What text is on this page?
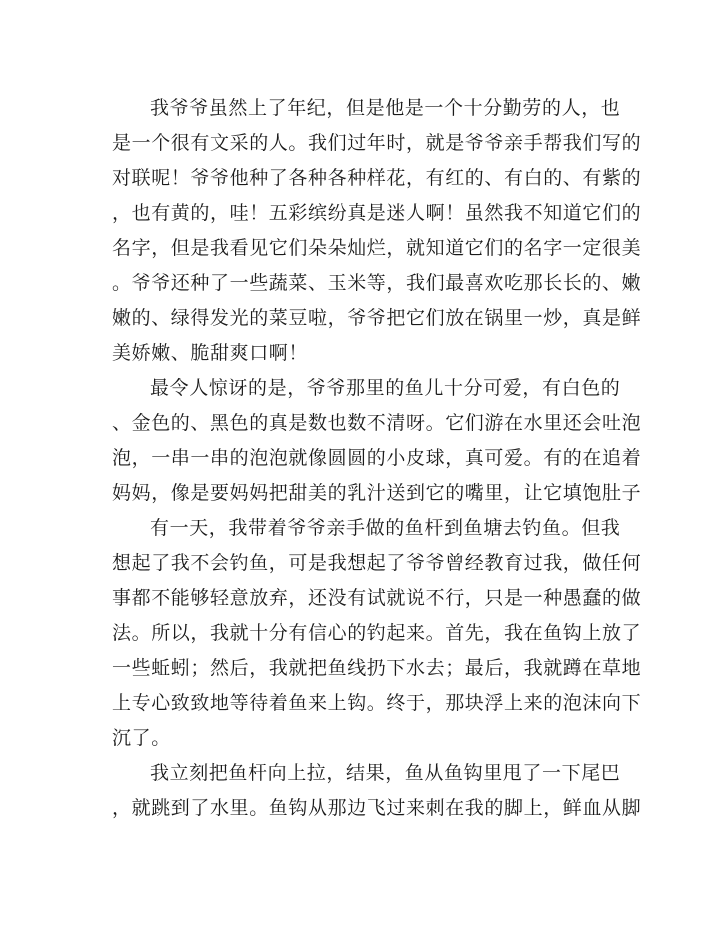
我爷爷虽然上了年纪，但是他是一个十分勤劳的人，也
是一个很有文采的人。我们过年时，就是爷爷亲手帮我们写的
对联呢！爷爷他种了各种各种样花，有红的、有白的、有紫的
，也有黄的，哇！五彩缤纷真是迷人啊！虽然我不知道它们的
名字，但是我看见它们朵朵灿烂，就知道它们的名字一定很美
。爷爷还种了一些蔬菜、玉米等，我们最喜欢吃那长长的、嫩
嫩的、绿得发光的菜豆啦，爷爷把它们放在锅里一炒，真是鲜
美娇嫩、脆甜爽口啊！
最令人惊讶的是，爷爷那里的鱼儿十分可爱，有白色的
、金色的、黑色的真是数也数不清呀。它们游在水里还会吐泡
泡，一串一串的泡泡就像圆圆的小皮球，真可爱。有的在追着
妈妈，像是要妈妈把甜美的乳汁送到它的嘴里，让它填饱肚子
有一天，我带着爷爷亲手做的鱼杆到鱼塘去钓鱼。但我
想起了我不会钓鱼，可是我想起了爷爷曾经教育过我，做任何
事都不能够轻意放弃，还没有试就说不行，只是一种愚蠢的做
法。所以，我就十分有信心的钓起来。首先，我在鱼钩上放了
一些蚯蚓；然后，我就把鱼线扔下水去；最后，我就蹲在草地
上专心致致地等待着鱼来上钩。终于，那块浮上来的泡沫向下
沉了。
我立刻把鱼杆向上拉，结果，鱼从鱼钩里甩了一下尾巴
，就跳到了水里。鱼钩从那边飞过来刺在我的脚上，鲜血从脚
